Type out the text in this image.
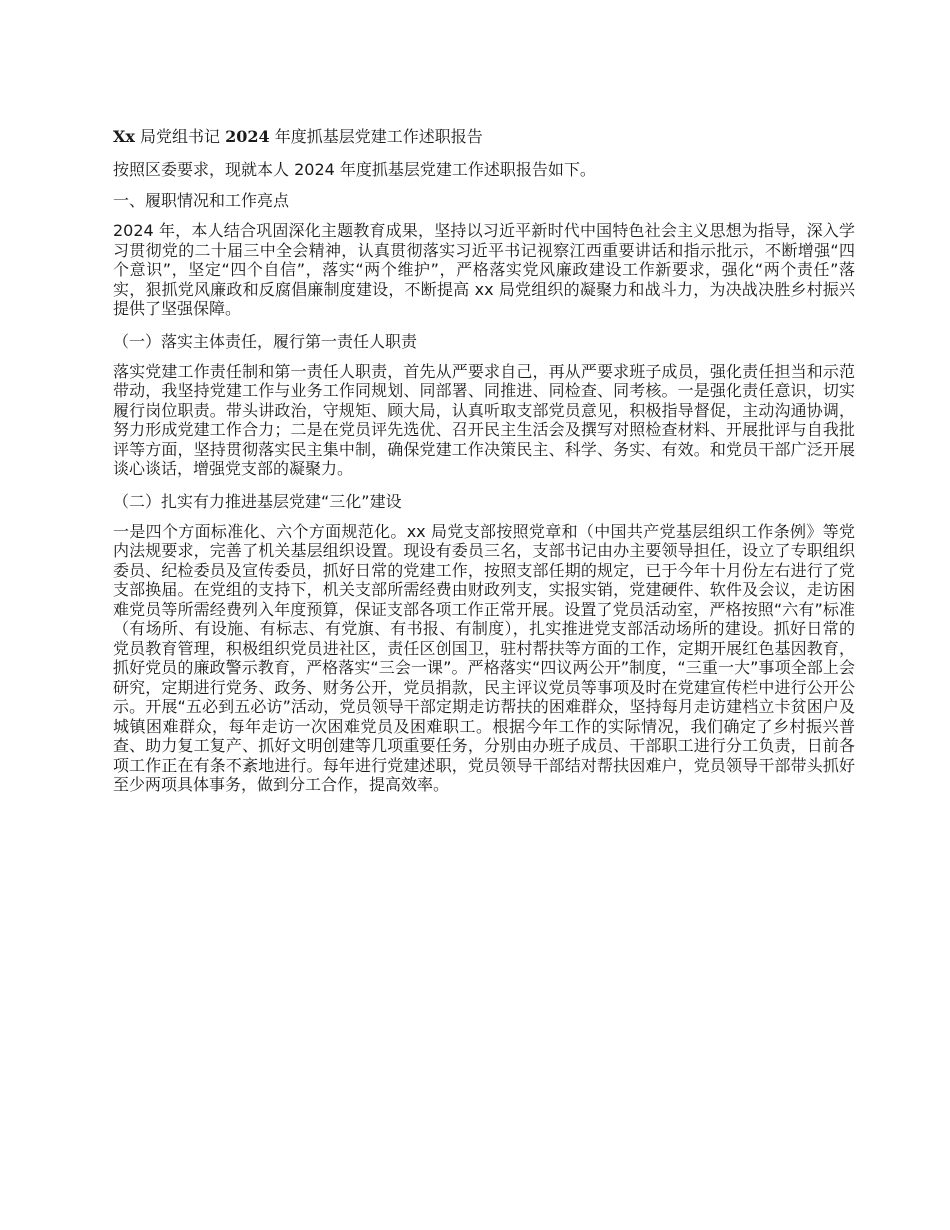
Xx 局党组书记 2024 年度抓基层党建工作述职报告

按照区委要求，现就本人 2024 年度抓基层党建工作述职报告如下。

一、履职情况和工作亮点

2024 年，本人结合巩固深化主题教育成果，坚持以习近平新时代中国特色社会主义思想为指导，深入学习贯彻党的二十届三中全会精神，认真贯彻落实习近平书记视察江西重要讲话和指示批示，不断增强“四个意识”，坚定“四个自信”，落实“两个维护”，严格落实党风廉政建设工作新要求，强化“两个责任”落实，狠抓党风廉政和反腐倡廉制度建设，不断提高 xx 局党组织的凝聚力和战斗力，为决战决胜乡村振兴提供了坚强保障。

（一）落实主体责任，履行第一责任人职责

落实党建工作责任制和第一责任人职责，首先从严要求自己，再从严要求班子成员，强化责任担当和示范带动，我坚持党建工作与业务工作同规划、同部署、同推进、同检查、同考核。一是强化责任意识，切实履行岗位职责。带头讲政治，守规矩、顾大局，认真听取支部党员意见，积极指导督促，主动沟通协调，努力形成党建工作合力；二是在党员评先选优、召开民主生活会及撰写对照检查材料、开展批评与自我批评等方面，坚持贯彻落实民主集中制，确保党建工作决策民主、科学、务实、有效。和党员干部广泛开展谈心谈话，增强党支部的凝聚力。

（二）扎实有力推进基层党建“三化”建设

一是四个方面标准化、六个方面规范化。xx 局党支部按照党章和（中国共产党基层组织工作条例》等党内法规要求，完善了机关基层组织设置。现设有委员三名，支部书记由办主要领导担任，设立了专职组织委员、纪检委员及宣传委员，抓好日常的党建工作，按照支部任期的规定，已于今年十月份左右进行了党支部换届。在党组的支持下，机关支部所需经费由财政列支，实报实销，党建硬件、软件及会议，走访困难党员等所需经费列入年度预算，保证支部各项工作正常开展。设置了党员活动室，严格按照“六有”标准（有场所、有设施、有标志、有党旗、有书报、有制度），扎实推进党支部活动场所的建设。抓好日常的党员教育管理，积极组织党员进社区，责任区创国卫，驻村帮扶等方面的工作，定期开展红色基因教育，抓好党员的廉政警示教育，严格落实“三会一课”。严格落实“四议两公开”制度，“三重一大”事项全部上会研究，定期进行党务、政务、财务公开，党员捐款，民主评议党员等事项及时在党建宣传栏中进行公开公示。开展“五必到五必访”活动，党员领导干部定期走访帮扶的困难群众，坚持每月走访建档立卡贫困户及城镇困难群众，每年走访一次困难党员及困难职工。根据今年工作的实际情况，我们确定了乡村振兴普查、助力复工复产、抓好文明创建等几项重要任务，分别由办班子成员、干部职工进行分工负责，日前各项工作正在有条不紊地进行。每年进行党建述职，党员领导干部结对帮扶因难户，党员领导干部带头抓好至少两项具体事务，做到分工合作，提高效率。
